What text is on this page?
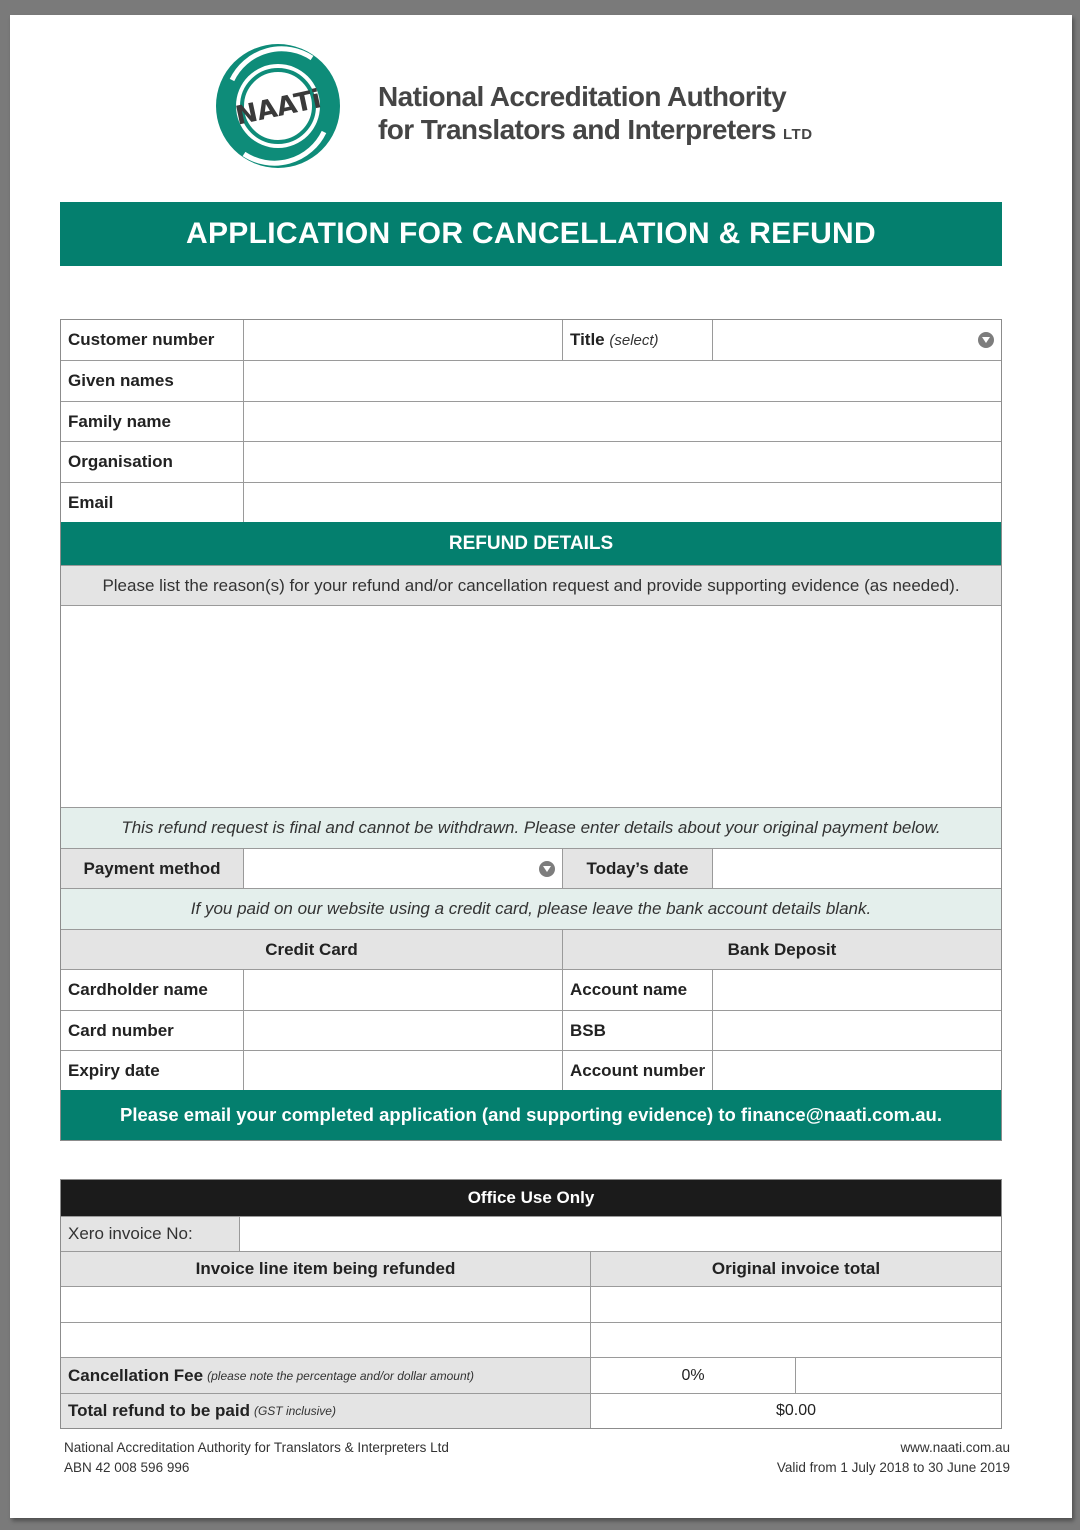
NAATi National Accreditation Authority
for Translators and Interpreters LTD
APPLICATION FOR CANCELLATION & REFUND
Customer number	Title
(select)
Given names
Family name
Organisation
Email
REFUND DETAILS
Please list the reason(s) for your refund and/or cancellation request and provide supporting evidence (as needed).
This refund request is final and cannot be withdrawn. Please enter details about your original payment below.
Payment method	Today’s date
If you paid on our website using a credit card, please leave the bank account details blank.
Credit Card	Bank Deposit
Cardholder name	Account name
Card number	BSB
Expiry date	Account number
Please email your completed application (and supporting evidence) to finance@naati.com.au.
Office Use Only
Xero invoice No:
Invoice line item being refunded	Original invoice total
Cancellation Fee (please note the percentage and/or dollar amount)	0%
Total refund to be paid (GST inclusive)	$0.00
National Accreditation Authority for Translators & Interpreters Ltd
ABN 42 008 596 996
www.naati.com.au
Valid from 1 July 2018 to 30 June 2019
